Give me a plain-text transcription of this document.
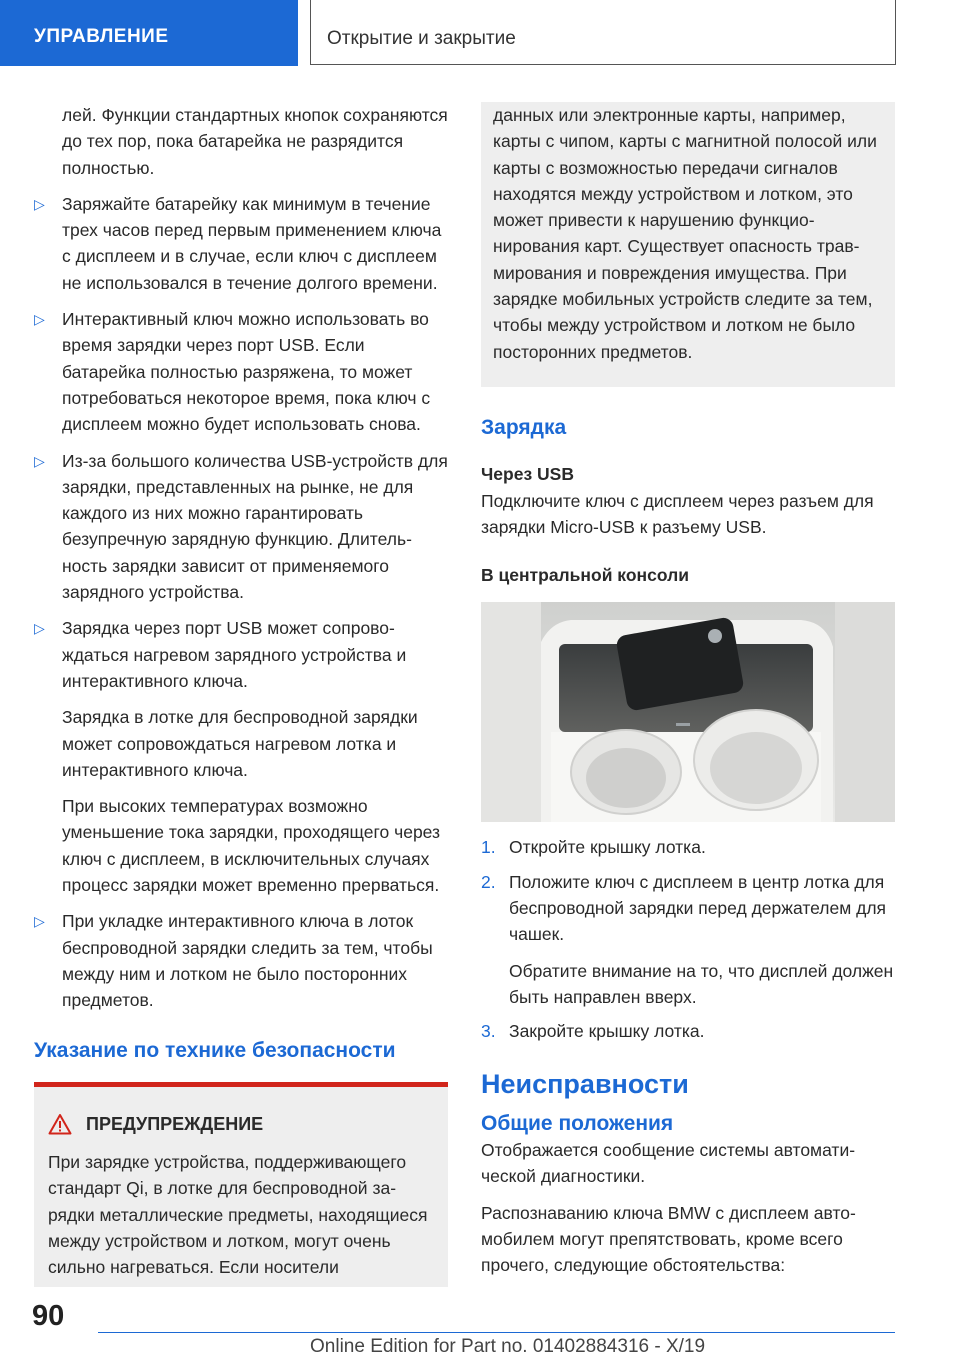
УПРАВЛЕНИЕ	Открытие и закрытие

лей. Функции стандартных кнопок сохраняются до тех пор, пока батарейка не разрядится полностью.

▷ Заряжайте батарейку как минимум в течение трех часов перед первым применением ключа с дисплеем и в случае, если ключ с дисплеем не использовался в течение долгого времени.

▷ Интерактивный ключ можно использовать во время зарядки через порт USB. Если батарейка полностью разряжена, то может потребоваться некоторое время, пока ключ с дисплеем можно будет использовать снова.

▷ Из-за большого количества USB-устройств для зарядки, представленных на рынке, не для каждого из них можно гарантировать безупречную зарядную функцию. Длительность зарядки зависит от применяемого зарядного устройства.

▷ Зарядка через порт USB может сопровождаться нагревом зарядного устройства и интерактивного ключа.

Зарядка в лотке для беспроводной зарядки может сопровождаться нагревом лотка и интерактивного ключа.

При высоких температурах возможно уменьшение тока зарядки, проходящего через ключ с дисплеем, в исключительных случаях процесс зарядки может временно прерваться.

▷ При укладке интерактивного ключа в лоток беспроводной зарядки следить за тем, чтобы между ним и лотком не было посторонних предметов.

Указание по технике безопасности

ПРЕДУПРЕЖДЕНИЕ

При зарядке устройства, поддерживающего стандарт Qi, в лотке для беспроводной зарядки металлические предметы, находящиеся между устройством и лотком, могут очень сильно нагреваться. Если носители

данных или электронные карты, например, карты с чипом, карты с магнитной полосой или карты с возможностью передачи сигналов находятся между устройством и лотком, это может привести к нарушению функционирования карт. Существует опасность травмирования и повреждения имущества. При зарядке мобильных устройств следите за тем, чтобы между устройством и лотком не было посторонних предметов.

Зарядка

Через USB

Подключите ключ с дисплеем через разъем для зарядки Micro-USB к разъему USB.

В центральной консоли

1. Откройте крышку лотка.

2. Положите ключ с дисплеем в центр лотка для беспроводной зарядки перед держателем для чашек.

Обратите внимание на то, что дисплей должен быть направлен вверх.

3. Закройте крышку лотка.

Неисправности

Общие положения

Отображается сообщение системы автоматической диагностики.

Распознаванию ключа BMW с дисплеем автомобилем могут препятствовать, кроме всего прочего, следующие обстоятельства:

90
Online Edition for Part no. 01402884316 - X/19
